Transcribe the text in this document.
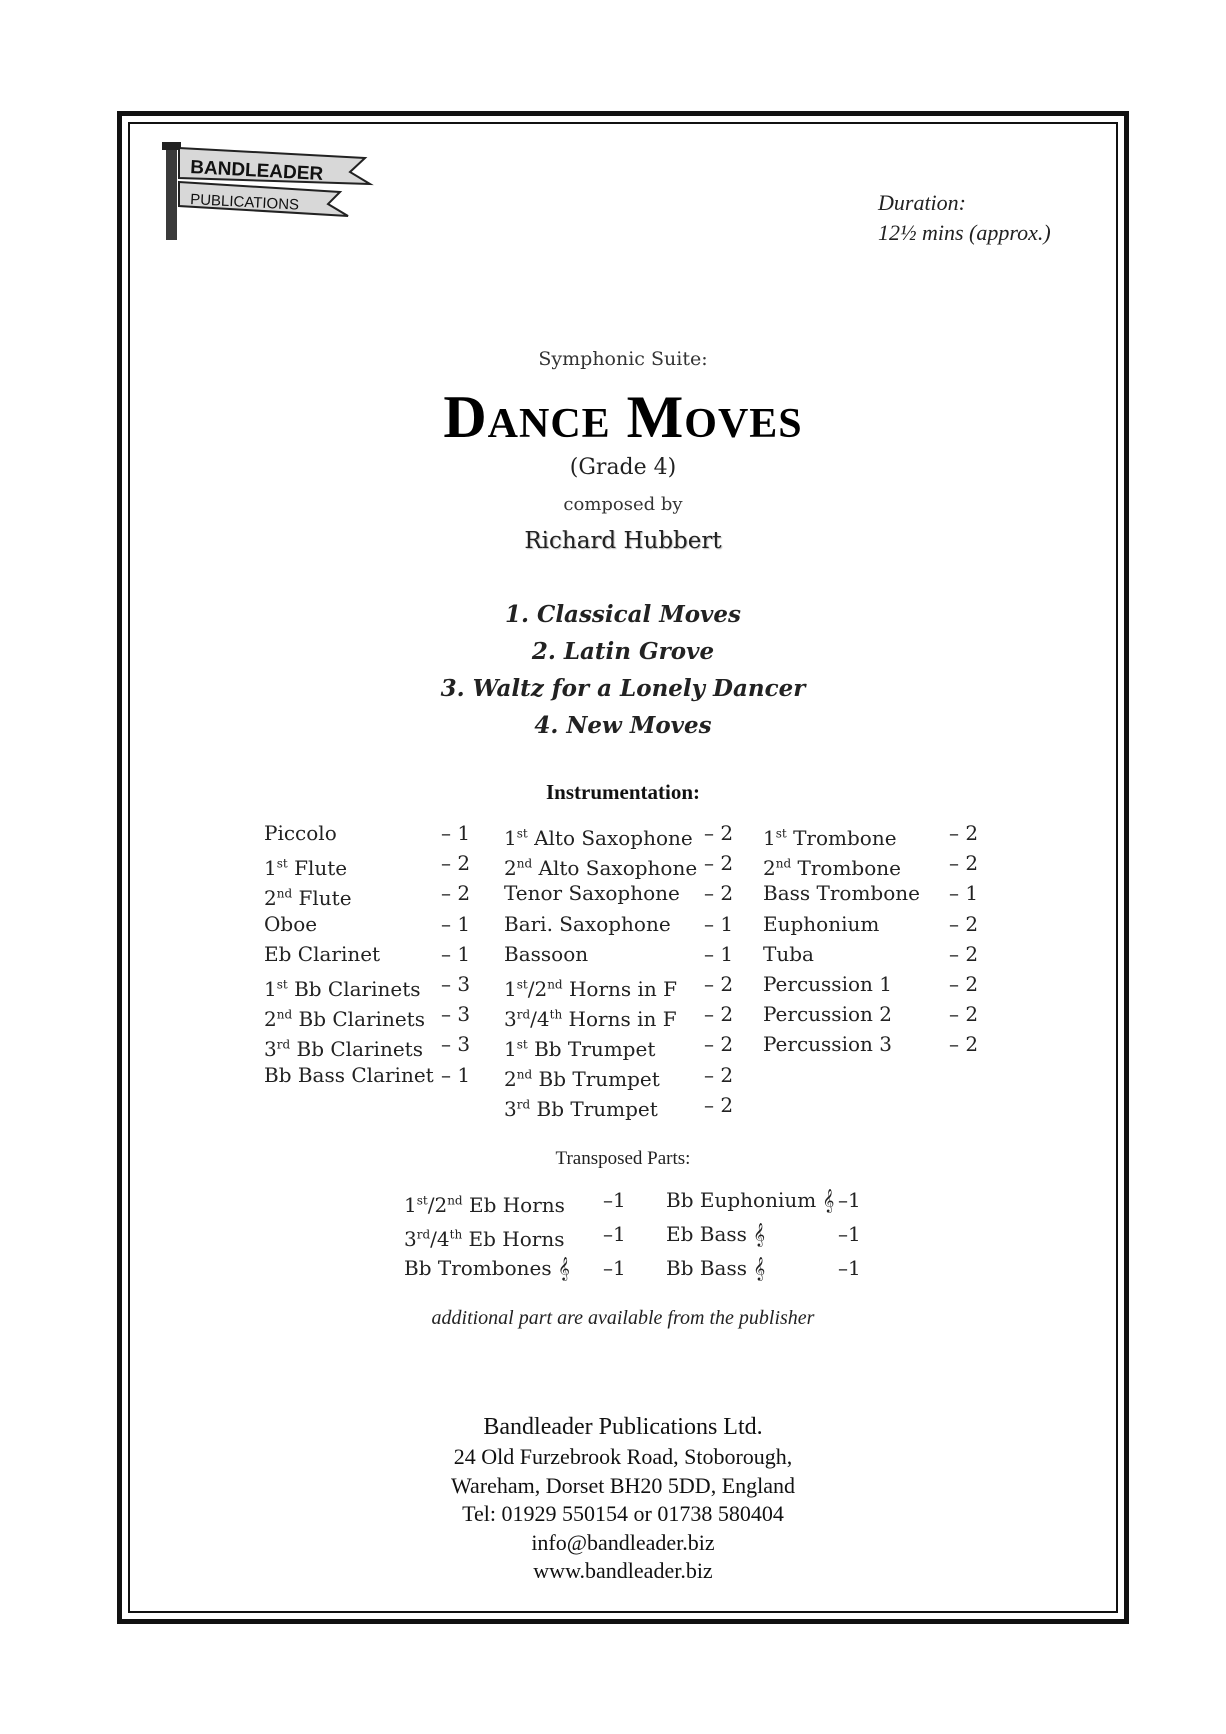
BANDLEADER
PUBLICATIONS	Duration:
12½ mins (approx.)
Symphonic Suite:
Dance Moves
(Grade 4)
composed by
Richard Hubbert
1. Classical Moves
2. Latin Grove
3. Waltz for a Lonely Dancer
4. New Moves
Instrumentation:
Piccolo	– 1
1st Flute	– 2
2nd Flute	– 2
Oboe	– 1
Eb Clarinet	– 1
1st Bb Clarinets – 3
2nd Bb Clarinets – 3
3rd Bb Clarinets – 3
Bb Bass Clarinet – 1
1st Alto Saxophone – 2
2nd Alto Saxophone – 2
Tenor Saxophone – 2
Bari. Saxophone – 1
Bassoon	– 1
1st/2nd Horns in F – 2
3rd/4th Horns in F – 2
1st Bb Trumpet – 2
2nd Bb Trumpet – 2
3rd Bb Trumpet – 2
1st Trombone	– 2
2nd Trombone – 2
Bass Trombone – 1
Euphonium	– 2
Tuba	– 2
Percussion 1	– 2
Percussion 2	– 2
Percussion 3	– 2
Transposed Parts:
1st/2nd Eb Horns –1
3rd/4th Eb Horns –1
Bb Trombones 𝄞 –1
Bb Euphonium 𝄞 –1
Eb Bass 𝄞	–1
Bb Bass 𝄞	–1
additional part are available from the publisher
Bandleader Publications Ltd.
24 Old Furzebrook Road, Stoborough,
Wareham, Dorset BH20 5DD, England
Tel: 01929 550154 or 01738 580404
info@bandleader.biz
www.bandleader.biz
